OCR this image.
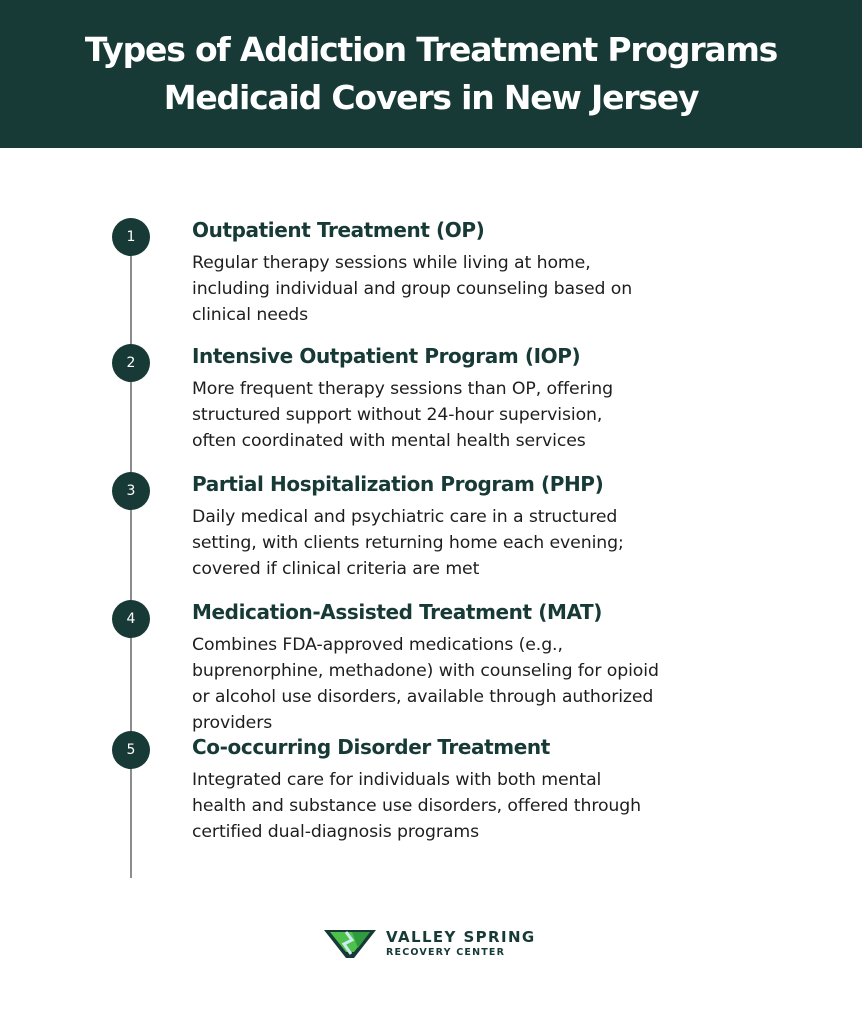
Types of Addiction Treatment Programs
Medicaid Covers in New Jersey
1	Outpatient Treatment (OP)
Regular therapy sessions while living at home,
including individual and group counseling based on
clinical needs
2	Intensive Outpatient Program (IOP)
More frequent therapy sessions than OP, offering
structured support without 24-hour supervision,
often coordinated with mental health services
3	Partial Hospitalization Program (PHP)
Daily medical and psychiatric care in a structured
setting, with clients returning home each evening;
covered if clinical criteria are met
4	Medication-Assisted Treatment (MAT)
Combines FDA-approved medications (e.g.,
buprenorphine, methadone) with counseling for opioid
or alcohol use disorders, available through authorized
providers
5	Co-occurring Disorder Treatment
Integrated care for individuals with both mental
health and substance use disorders, offered through
certified dual-diagnosis programs
VALLEY SPRING
RECOVERY CENTER
